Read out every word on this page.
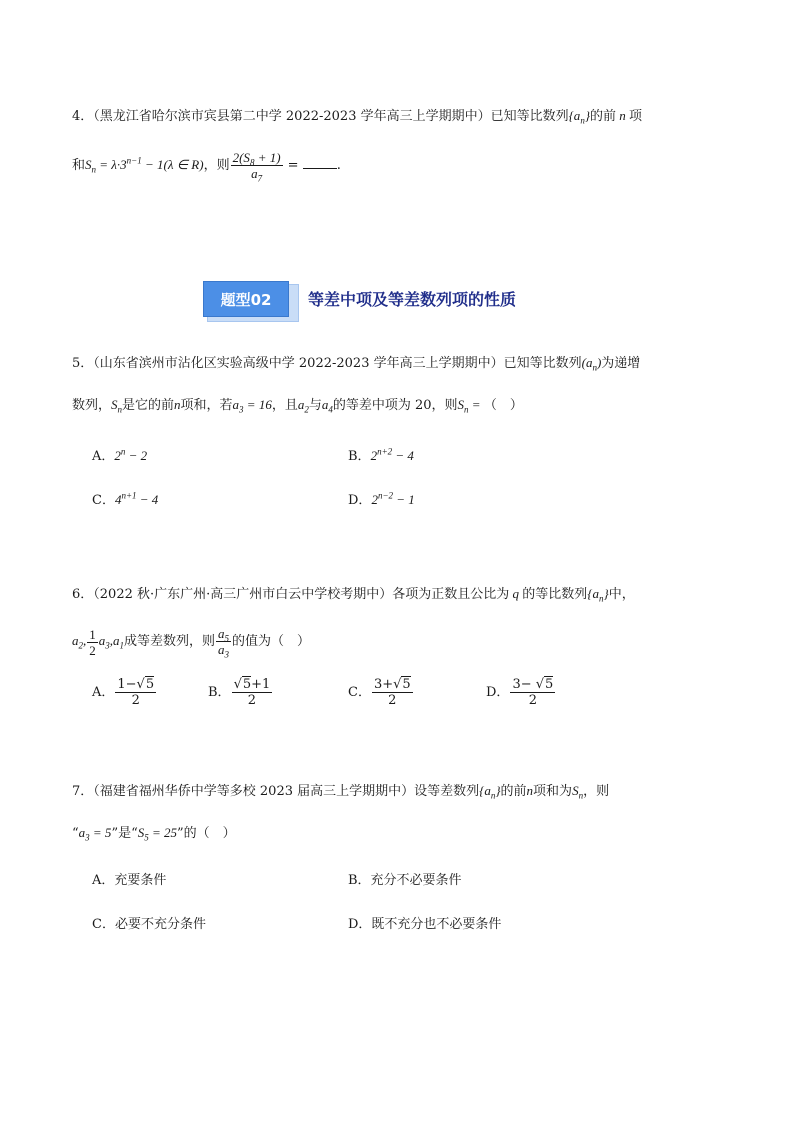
4．（黑龙江省哈尔滨市宾县第二中学 2022-2023 学年高三上学期期中）已知等比数列$\{a_n\}$的前 n 项
和$S_n = \lambda\cdot 3^{n-1} - 1(\lambda$ ∈ R)，则 $\frac{2(S_8 + 1)}{a_7}$ =	.
题型02	等差中项及等差数列项的性质
5．（山东省滨州市沾化区实验高级中学 2022-2023 学年高三上学期期中）已知等比数列$(a_n)$为递增
数列，$S_n$是它的前n项和，若$a_3 = 16$，且$a_2$与$a_4$的等差中项为 20，则$S_n$ = （　）
A．$2^n - 2$	B．$2^{n+2} - 4$
C．$4^{n+1} - 4$	D．$2^{n-2} - 1$
6．（2022 秋·广东广州·高三广州市白云中学校考期中）各项为正数且公比为 q 的等比数列$\{a_n\}$中，
$a_2$, $\frac{1}{2} a_3,a_1$成等差数列，则 $\frac{a_5}{a_3}$ 的值为（　）
A． $\frac{1-√5}{2}$	B． $\frac{√5+1}{2}$	C． $\frac{3+√5}{2}$	D． $\frac{3- √5}{2}$
7．（福建省福州华侨中学等多校 2023 届高三上学期期中）设等差数列$\{a_n\}$的前n项和为$S_n$，则
“$a_3 = 5$”是“$S_5 = 25$”的（　）
A．充要条件	B．充分不必要条件
C．必要不充分条件	D．既不充分也不必要条件
